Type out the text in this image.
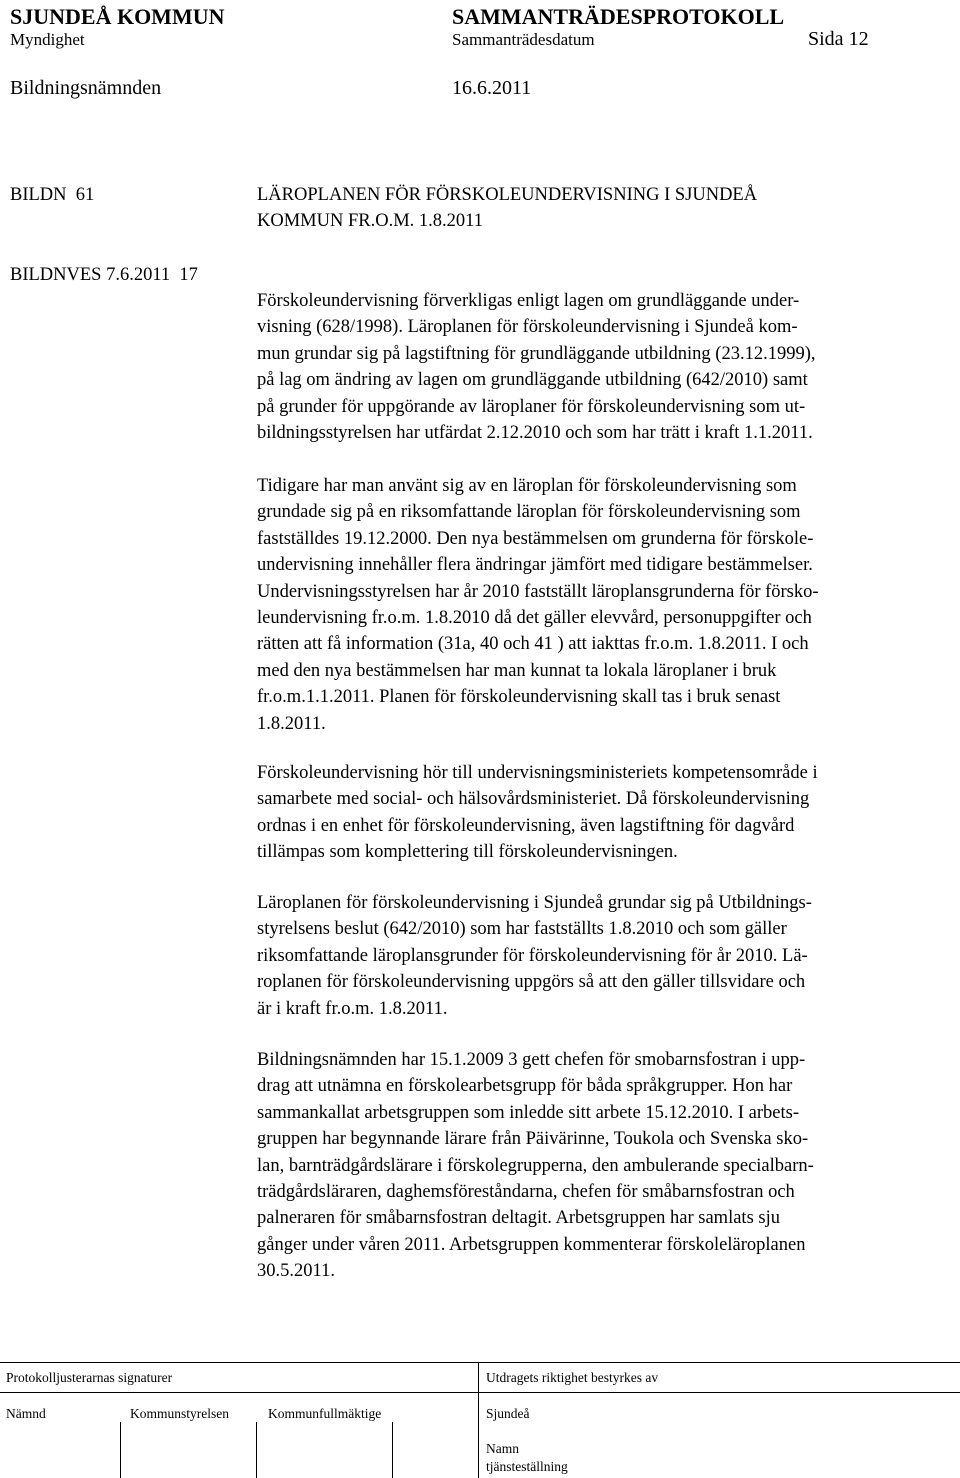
SJUNDEÅ KOMMUN	SAMMANTRÄDESPROTOKOLL
Myndighet	Sammanträdesdatum	Sida 12
Bildningsnämnden	16.6.2011
BILDN  61
BILDNVES 7.6.2011  17
LÄROPLANEN FÖR FÖRSKOLEUNDERVISNING I SJUNDEÅ
KOMMUN FR.O.M. 1.8.2011
Förskoleundervisning förverkligas enligt lagen om grundläggande under-
visning (628/1998). Läroplanen för förskoleundervisning i Sjundeå kom-
mun grundar sig på lagstiftning för grundläggande utbildning (23.12.1999),
på lag om ändring av lagen om grundläggande utbildning (642/2010) samt
på grunder för uppgörande av läroplaner för förskoleundervisning som ut-
bildningsstyrelsen har utfärdat 2.12.2010 och som har trätt i kraft 1.1.2011.
Tidigare har man använt sig av en läroplan för förskoleundervisning som
grundade sig på en riksomfattande läroplan för förskoleundervisning som
fastställdes 19.12.2000. Den nya bestämmelsen om grunderna för förskole-
undervisning innehåller flera ändringar jämfört med tidigare bestämmelser.
Undervisningsstyrelsen har år 2010 fastställt läroplansgrunderna för försko-
leundervisning fr.o.m. 1.8.2010 då det gäller elevvård, personuppgifter och
rätten att få information (31a, 40 och 41 ) att iakttas fr.o.m. 1.8.2011. I och
med den nya bestämmelsen har man kunnat ta lokala läroplaner i bruk
fr.o.m.1.1.2011. Planen för förskoleundervisning skall tas i bruk senast
1.8.2011.
Förskoleundervisning hör till undervisningsministeriets kompetensområde i
samarbete med social- och hälsovårdsministeriet. Då förskoleundervisning
ordnas i en enhet för förskoleundervisning, även lagstiftning för dagvård
tillämpas som komplettering till förskoleundervisningen.
Läroplanen för förskoleundervisning i Sjundeå grundar sig på Utbildnings-
styrelsens beslut (642/2010) som har fastställts 1.8.2010 och som gäller
riksomfattande läroplansgrunder för förskoleundervisning för år 2010. Lä-
roplanen för förskoleundervisning uppgörs så att den gäller tillsvidare och
är i kraft fr.o.m. 1.8.2011.
Bildningsnämnden har 15.1.2009 3 gett chefen för smobarnsfostran i upp-
drag att utnämna en förskolearbetsgrupp för båda språkgrupper. Hon har
sammankallat arbetsgruppen som inledde sitt arbete 15.12.2010. I arbets-
gruppen har begynnande lärare från Päivärinne, Toukola och Svenska sko-
lan, barnträdgårdslärare i förskolegrupperna, den ambulerande specialbarn-
trädgårdsläraren, daghemsföreståndarna, chefen för småbarnsfostran och
palneraren för småbarnsfostran deltagit. Arbetsgruppen har samlats sju
gånger under våren 2011. Arbetsgruppen kommenterar förskoleläroplanen
30.5.2011.
Protokolljusterarnas signaturer	Utdragets riktighet bestyrkes av
Nämnd	Kommunstyrelsen	Kommunfullmäktige	Sjundeå
Namn
tjänsteställning
